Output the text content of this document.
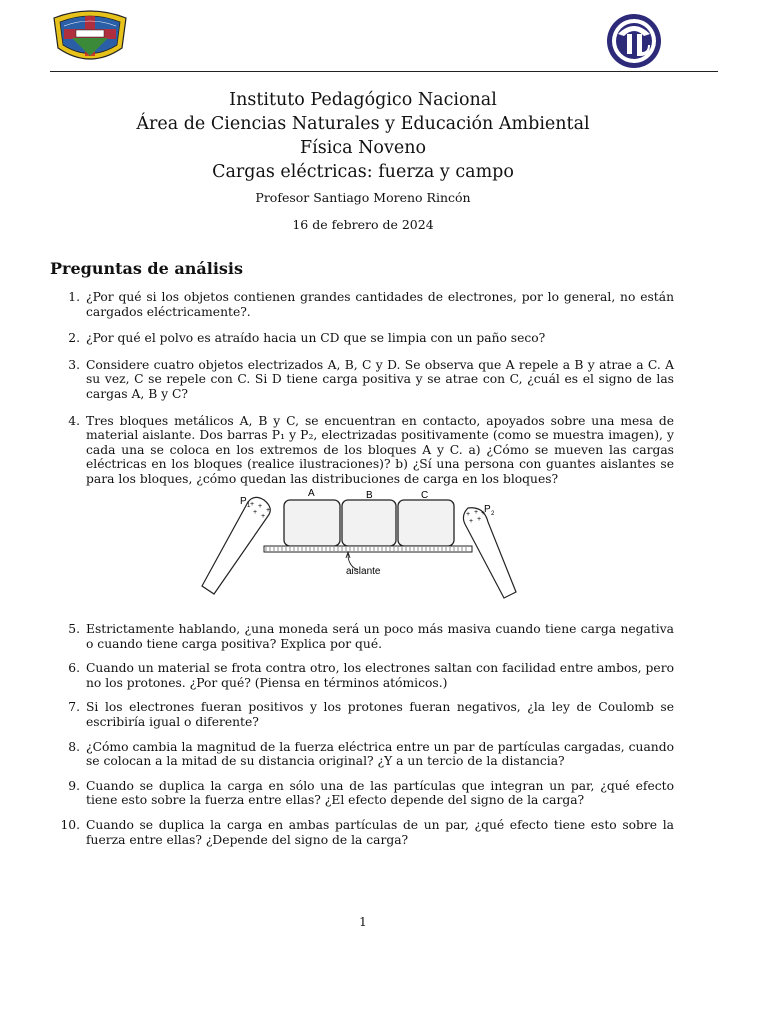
Instituto Pedagógico Nacional
Área de Ciencias Naturales y Educación Ambiental
Física Noveno
Cargas eléctricas: fuerza y campo
Profesor Santiago Moreno Rincón
16 de febrero de 2024
Preguntas de análisis
1. ¿Por qué si los objetos contienen grandes cantidades de electrones, por lo general, no están cargados eléctricamente?.
2. ¿Por qué el polvo es atraído hacia un CD que se limpia con un paño seco?
3. Considere cuatro objetos electrizados A, B, C y D. Se observa que A repele a B y atrae a C. A su vez, C se repele con C. Si D tiene carga positiva y se atrae con C, ¿cuál es el signo de las cargas A, B y C?
4. Tres bloques metálicos A, B y C, se encuentran en contacto, apoyados sobre una mesa de material aislante. Dos barras P₁ y P₂, electrizadas positivamente (como se muestra imagen), y cada una se coloca en los extremos de los bloques A y C. a) ¿Cómo se mueven las cargas eléctricas en los bloques (realice ilustraciones)? b) ¿Sí una persona con guantes aislantes se para los bloques, ¿cómo quedan las distribuciones de carga en los bloques?
+ +
+
+
+
P 1
A	B	C
aislante
+ +
+ +
+
P 2
5. Estrictamente hablando, ¿una moneda será un poco más masiva cuando tiene carga negativa o cuando tiene carga positiva? Explica por qué.
6. Cuando un material se frota contra otro, los electrones saltan con facilidad entre ambos, pero no los protones. ¿Por qué? (Piensa en términos atómicos.)
7. Si los electrones fueran positivos y los protones fueran negativos, ¿la ley de Coulomb se escribiría igual o diferente?
8. ¿Cómo cambia la magnitud de la fuerza eléctrica entre un par de partículas cargadas, cuando se colocan a la mitad de su distancia original? ¿Y a un tercio de la distancia?
9. Cuando se duplica la carga en sólo una de las partículas que integran un par, ¿qué efecto tiene esto sobre la fuerza entre ellas? ¿El efecto depende del signo de la carga?
10. Cuando se duplica la carga en ambas partículas de un par, ¿qué efecto tiene esto sobre la fuerza entre ellas? ¿Depende del signo de la carga?
1
